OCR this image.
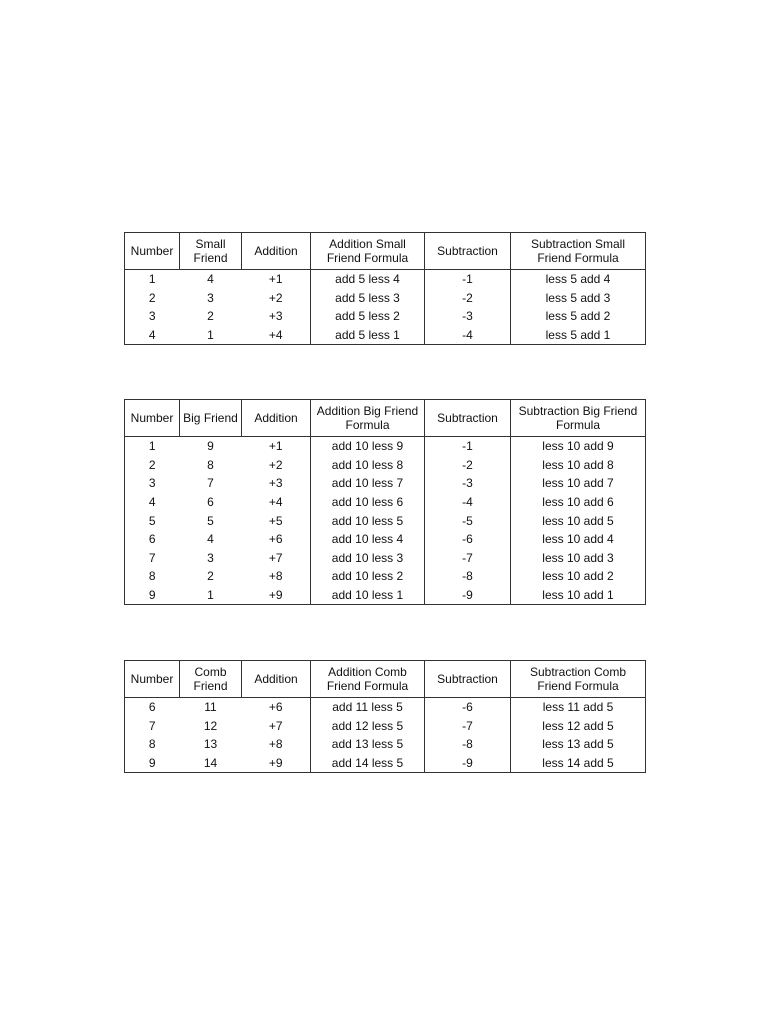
Number	Small Friend	Addition	Addition Small Friend Formula	Subtraction	Subtraction Small Friend Formula
1	4	+1	add 5 less 4	-1	less 5 add 4
2	3	+2	add 5 less 3	-2	less 5 add 3
3	2	+3	add 5 less 2	-3	less 5 add 2
4	1	+4	add 5 less 1	-4	less 5 add 1
Number	Big Friend	Addition	Addition Big Friend Formula	Subtraction	Subtraction Big Friend Formula
1	9	+1	add 10 less 9	-1	less 10 add 9
2	8	+2	add 10 less 8	-2	less 10 add 8
3	7	+3	add 10 less 7	-3	less 10 add 7
4	6	+4	add 10 less 6	-4	less 10 add 6
5	5	+5	add 10 less 5	-5	less 10 add 5
6	4	+6	add 10 less 4	-6	less 10 add 4
7	3	+7	add 10 less 3	-7	less 10 add 3
8	2	+8	add 10 less 2	-8	less 10 add 2
9	1	+9	add 10 less 1	-9	less 10 add 1
Number	Comb Friend	Addition	Addition Comb Friend Formula	Subtraction	Subtraction Comb Friend Formula
6	11	+6	add 11 less 5	-6	less 11 add 5
7	12	+7	add 12 less 5	-7	less 12 add 5
8	13	+8	add 13 less 5	-8	less 13 add 5
9	14	+9	add 14 less 5	-9	less 14 add 5
